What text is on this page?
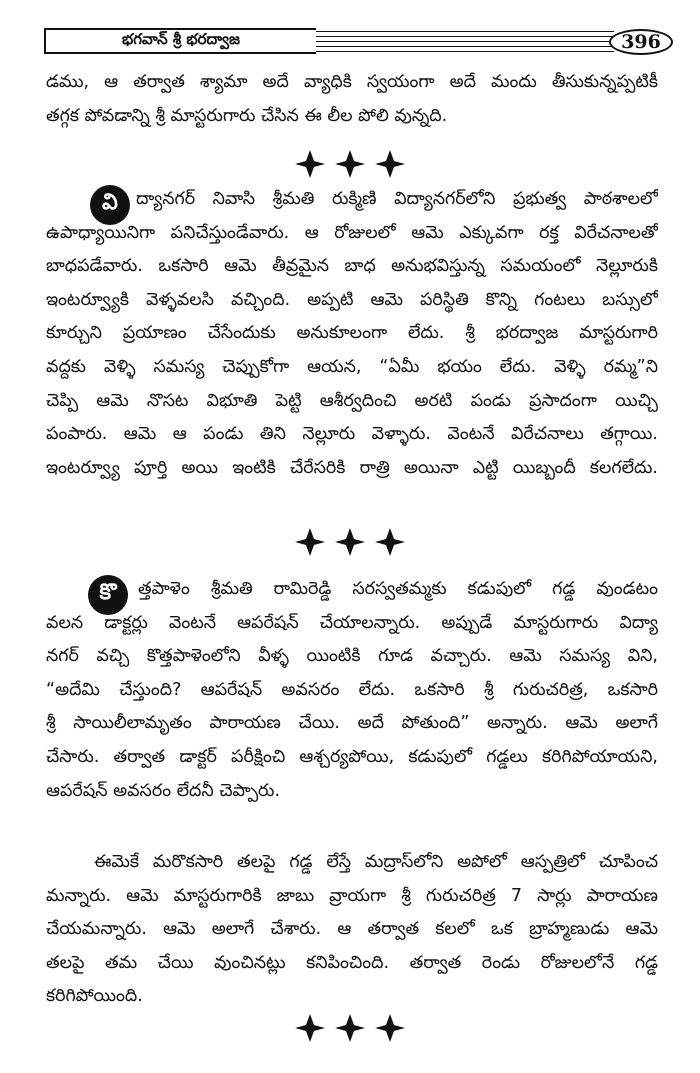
భగవాన్ శ్రీ భరద్వాజ	396
డము, ఆ తర్వాత శ్యామా అదే వ్యాధికి స్వయంగా అదే మందు తీసుకున్నప్పటికీ
తగ్గక పోవడాన్ని శ్రీ మాస్టరుగారు చేసిన ఈ లీల పోలి వున్నది.
వి	ద్యానగర్ నివాసి శ్రీమతి రుక్మిణి విద్యానగర్‌లోని ప్రభుత్వ పాఠశాలలో
ఉపాధ్యాయినిగా పనిచేస్తుండేవారు. ఆ రోజులలో ఆమె ఎక్కువగా రక్త విరేచనాలతో
బాధపడేవారు. ఒకసారి ఆమె తీవ్రమైన బాధ అనుభవిస్తున్న సమయంలో నెల్లూరుకి
ఇంటర్వ్యూకి వెళ్ళవలసి వచ్చింది. అప్పటి ఆమె పరిస్థితి కొన్ని గంటలు బస్సులో
కూర్చుని ప్రయాణం చేసేందుకు అనుకూలంగా లేదు. శ్రీ భరద్వాజ మాస్టరుగారి
వద్దకు వెళ్ళి సమస్య చెప్పుకోగా ఆయన, “ఏమీ భయం లేదు. వెళ్ళి రమ్మ”ని
చెప్పి ఆమె నొసట విభూతి పెట్టి ఆశీర్వదించి అరటి పండు ప్రసాదంగా యిచ్చి
పంపారు. ఆమె ఆ పండు తిని నెల్లూరు వెళ్ళారు. వెంటనే విరేచనాలు తగ్గాయి.
ఇంటర్వ్యూ పూర్తి అయి ఇంటికి చేరేసరికి రాత్రి అయినా ఎట్టి యిబ్బందీ కలగలేదు.
కొ	త్తపాళెం శ్రీమతి రామిరెడ్డి సరస్వతమ్మకు కడుపులో గడ్డ వుండటం
వలన డాక్టర్లు వెంటనే ఆపరేషన్ చేయాలన్నారు. అప్పుడే మాస్టరుగారు విద్యా
నగర్ వచ్చి కొత్తపాళెంలోని వీళ్ళ యింటికి గూడ వచ్చారు. ఆమె సమస్య విని,
“అదేమి చేస్తుంది? ఆపరేషన్ అవసరం లేదు. ఒకసారి శ్రీ గురుచరిత్ర, ఒకసారి
శ్రీ సాయిలీలామృతం పారాయణ చేయి. అదే పోతుంది” అన్నారు. ఆమె అలాగే
చేసారు. తర్వాత డాక్టర్ పరీక్షించి ఆశ్చర్యపోయి, కడుపులో గడ్డలు కరిగిపోయాయని,
ఆపరేషన్ అవసరం లేదనీ చెప్పారు.
ఈమెకే మరొకసారి తలపై గడ్డ లేస్తే మద్రాస్‌లోని అపోలో ఆస్పత్రిలో చూపించ
మన్నారు. ఆమె మాస్టరుగారికి జాబు వ్రాయగా శ్రీ గురుచరిత్ర 7 సార్లు పారాయణ
చేయమన్నారు. ఆమె అలాగే చేశారు. ఆ తర్వాత కలలో ఒక బ్రాహ్మణుడు ఆమె
తలపై తమ చేయి వుంచినట్లు కనిపించింది. తర్వాత రెండు రోజులలోనే గడ్డ
కరిగిపోయింది.
